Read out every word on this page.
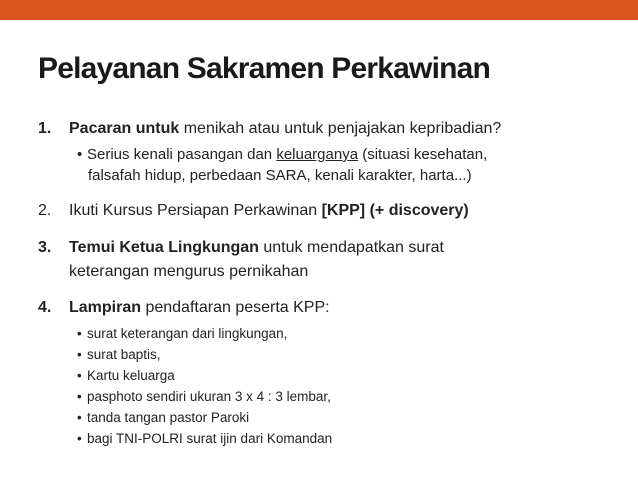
Pelayanan Sakramen Perkawinan
1. Pacaran untuk menikah atau untuk penjajakan kepribadian?
• Serius kenali pasangan dan keluarganya (situasi kesehatan,
falsafah hidup, perbedaan SARA, kenali karakter, harta...)
2. Ikuti Kursus Persiapan Perkawinan [KPP] (+ discovery)
3. Temui Ketua Lingkungan untuk mendapatkan surat
keterangan mengurus pernikahan
4. Lampiran pendaftaran peserta KPP:
• surat keterangan dari lingkungan,
• surat baptis,
• Kartu keluarga
• pasphoto sendiri ukuran 3 x 4 : 3 lembar,
• tanda tangan pastor Paroki
• bagi TNI-POLRI surat ijin dari Komandan
